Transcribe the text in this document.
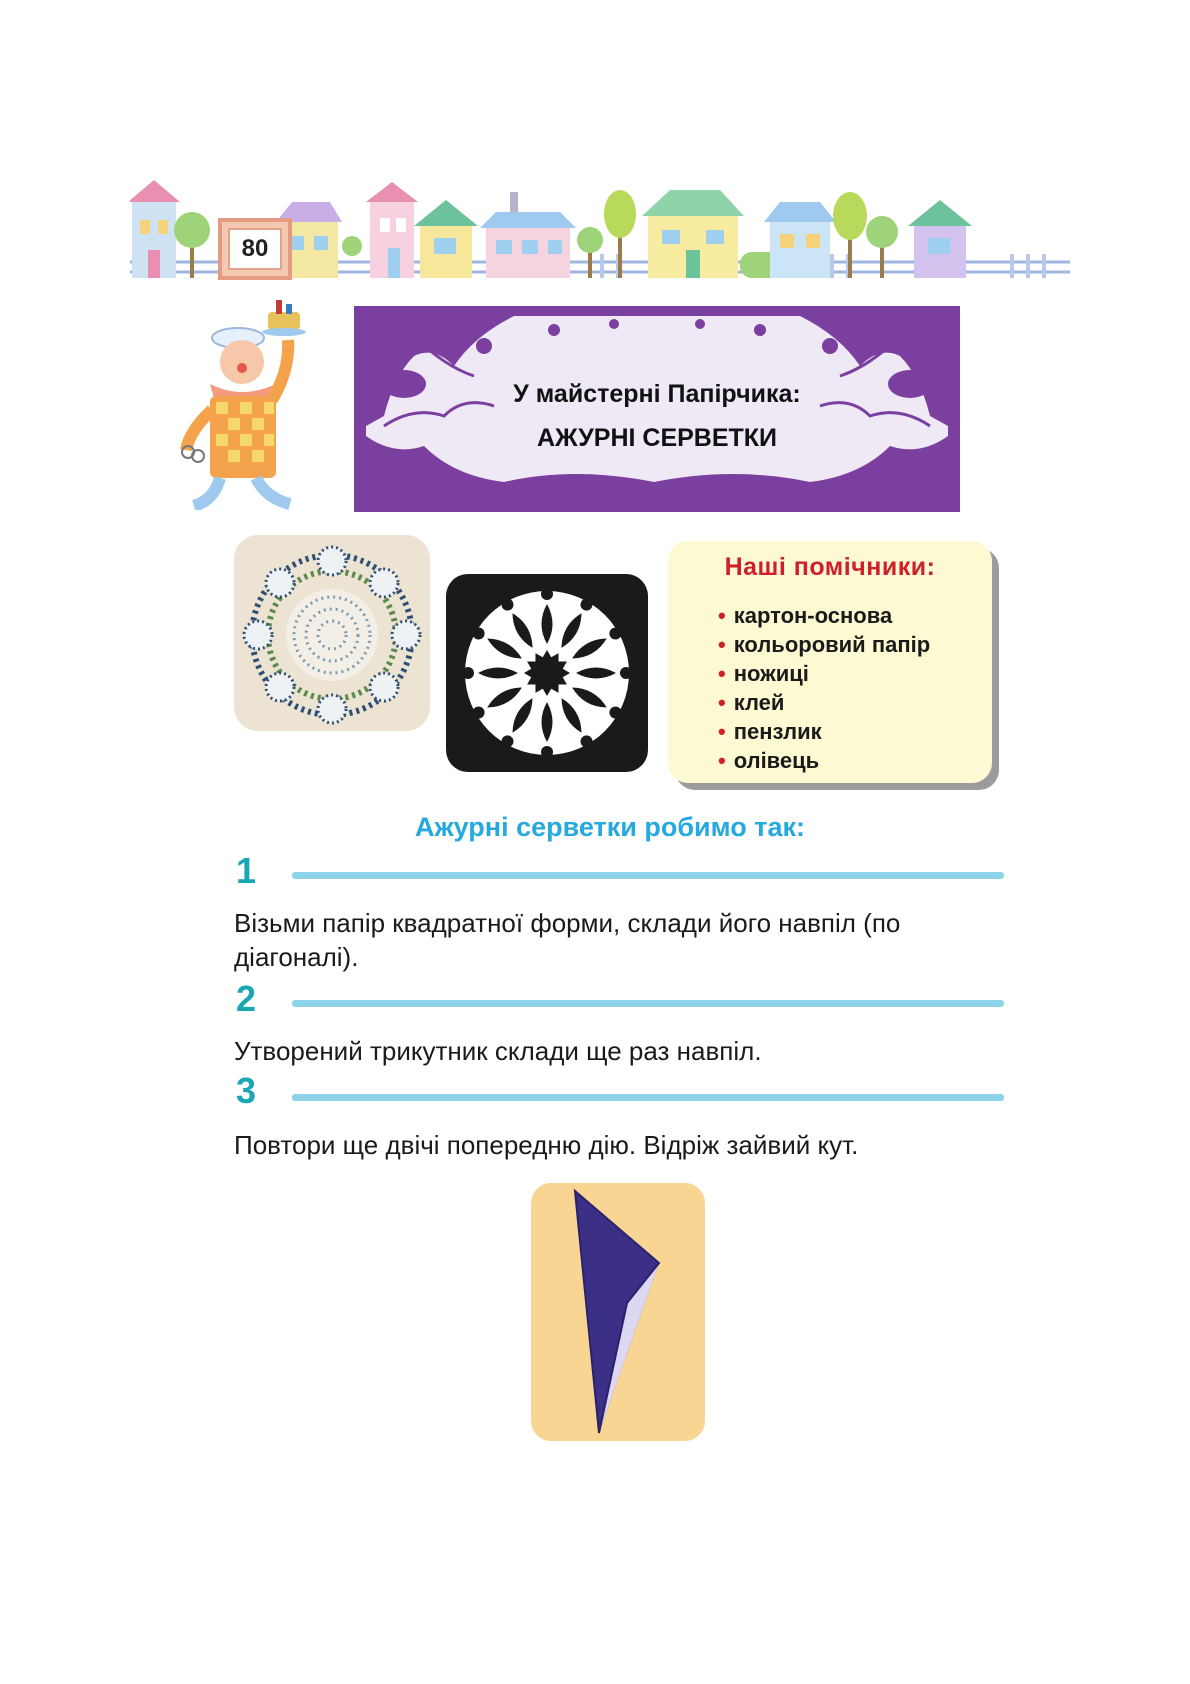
80
У майстерні Папірчика:
АЖУРНІ СЕРВЕТКИ
Наші помічники:
• картон-основа
• кольоровий папір
• ножиці
• клей
• пензлик
• олівець
Ажурні серветки робимо так:
1
Візьми папір квадратної форми, склади його навпіл (по діагоналі).
2
Утворений трикутник склади ще раз навпіл.
3
Повтори ще двічі попередню дію. Відріж зайвий кут.
